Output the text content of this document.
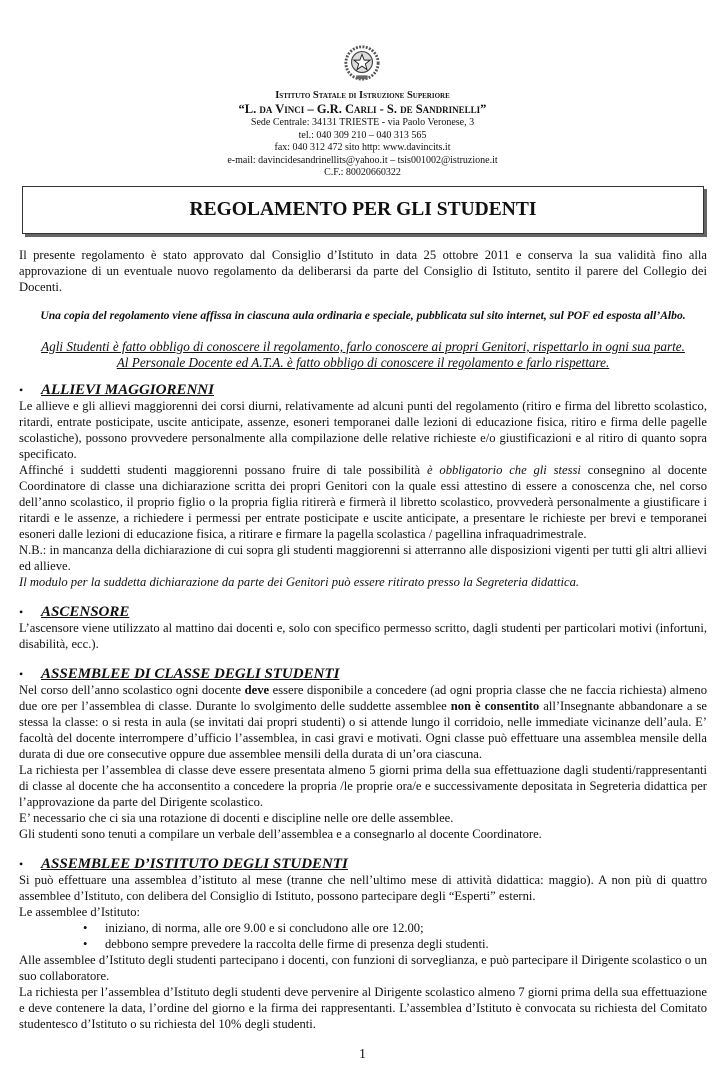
Istituto Statale di Istruzione Superiore
“L. da Vinci – G.R. Carli - S. de Sandrinelli”
Sede Centrale: 34131 TRIESTE - via Paolo Veronese, 3
tel.: 040 309 210 – 040 313 565
fax: 040 312 472 sito http: www.davincits.it
e-mail: davincidesandrinellits@yahoo.it – tsis001002@istruzione.it
C.F.: 80020660322
REGOLAMENTO PER GLI STUDENTI

Il presente regolamento è stato approvato dal Consiglio d’Istituto in data 25 ottobre 2011 e conserva la sua validità fino alla approvazione di un eventuale nuovo regolamento da deliberarsi da parte del Consiglio di Istituto, sentito il parere del Collegio dei Docenti.

Una copia del regolamento viene affissa in ciascuna aula ordinaria e speciale, pubblicata sul sito internet, sul POF ed esposta all’Albo.

Agli Studenti è fatto obbligo di conoscere il regolamento, farlo conoscere ai propri Genitori, rispettarlo in ogni sua parte.

Al Personale Docente ed A.T.A. è fatto obbligo di conoscere il regolamento e farlo rispettare.

•	ALLIEVI MAGGIORENNI

Le allieve e gli allievi maggiorenni dei corsi diurni, relativamente ad alcuni punti del regolamento (ritiro e firma del libretto scolastico, ritardi, entrate posticipate, uscite anticipate, assenze, esoneri temporanei dalle lezioni di educazione fisica, ritiro e firma delle pagelle scolastiche), possono provvedere personalmente alla compilazione delle relative richieste e/o giustificazioni e al ritiro di quanto sopra specificato.

Affinché i suddetti studenti maggiorenni possano fruire di tale possibilità è obbligatorio che gli stessi consegnino al docente Coordinatore di classe una dichiarazione scritta dei propri Genitori con la quale essi attestino di essere a conoscenza che, nel corso dell’anno scolastico, il proprio figlio o la propria figlia ritirerà e firmerà il libretto scolastico, provvederà personalmente a giustificare i ritardi e le assenze, a richiedere i permessi per entrate posticipate e uscite anticipate, a presentare le richieste per brevi e temporanei esoneri dalle lezioni di educazione fisica, a ritirare e firmare la pagella scolastica / pagellina infraquadrimestrale.

N.B.: in mancanza della dichiarazione di cui sopra gli studenti maggiorenni si atterranno alle disposizioni vigenti per tutti gli altri allievi ed allieve.

Il modulo per la suddetta dichiarazione da parte dei Genitori può essere ritirato presso la Segreteria didattica.

•	ASCENSORE

L’ascensore viene utilizzato al mattino dai docenti e, solo con specifico permesso scritto, dagli studenti per particolari motivi (infortuni, disabilità, ecc.).

•	ASSEMBLEE DI CLASSE DEGLI STUDENTI

Nel corso dell’anno scolastico ogni docente deve essere disponibile a concedere (ad ogni propria classe che ne faccia richiesta) almeno due ore per l’assemblea di classe. Durante lo svolgimento delle suddette assemblee non è consentito all’Insegnante abbandonare a se stessa la classe: o si resta in aula (se invitati dai propri studenti) o si attende lungo il corridoio, nelle immediate vicinanze dell’aula. E’ facoltà del docente interrompere d’ufficio l’assemblea, in casi gravi e motivati. Ogni classe può effettuare una assemblea mensile della durata di due ore consecutive oppure due assemblee mensili della durata di un’ora ciascuna.

La richiesta per l’assemblea di classe deve essere presentata almeno 5 giorni prima della sua effettuazione dagli studenti/rappresentanti di classe al docente che ha acconsentito a concedere la propria /le proprie ora/e e successivamente depositata in Segreteria didattica per l’approvazione da parte del Dirigente scolastico.

E’ necessario che ci sia una rotazione di docenti e discipline nelle ore delle assemblee.

Gli studenti sono tenuti a compilare un verbale dell’assemblea e a consegnarlo al docente Coordinatore.

•	ASSEMBLEE D’ISTITUTO DEGLI STUDENTI

Si può effettuare una assemblea d’istituto al mese (tranne che nell’ultimo mese di attività didattica: maggio). A non più di quattro assemblee d’Istituto, con delibera del Consiglio di Istituto, possono partecipare degli “Esperti” esterni.

Le assemblee d’Istituto:

•	iniziano, di norma, alle ore 9.00 e si concludono alle ore 12.00;
•	debbono sempre prevedere la raccolta delle firme di presenza degli studenti.

Alle assemblee d’Istituto degli studenti partecipano i docenti, con funzioni di sorveglianza, e può partecipare il Dirigente scolastico o un suo collaboratore.

La richiesta per l’assemblea d’Istituto degli studenti deve pervenire al Dirigente scolastico almeno 7 giorni prima della sua effettuazione e deve contenere la data, l’ordine del giorno e la firma dei rappresentanti. L’assemblea d’Istituto è convocata su richiesta del Comitato studentesco d’Istituto o su richiesta del 10% degli studenti.

1
